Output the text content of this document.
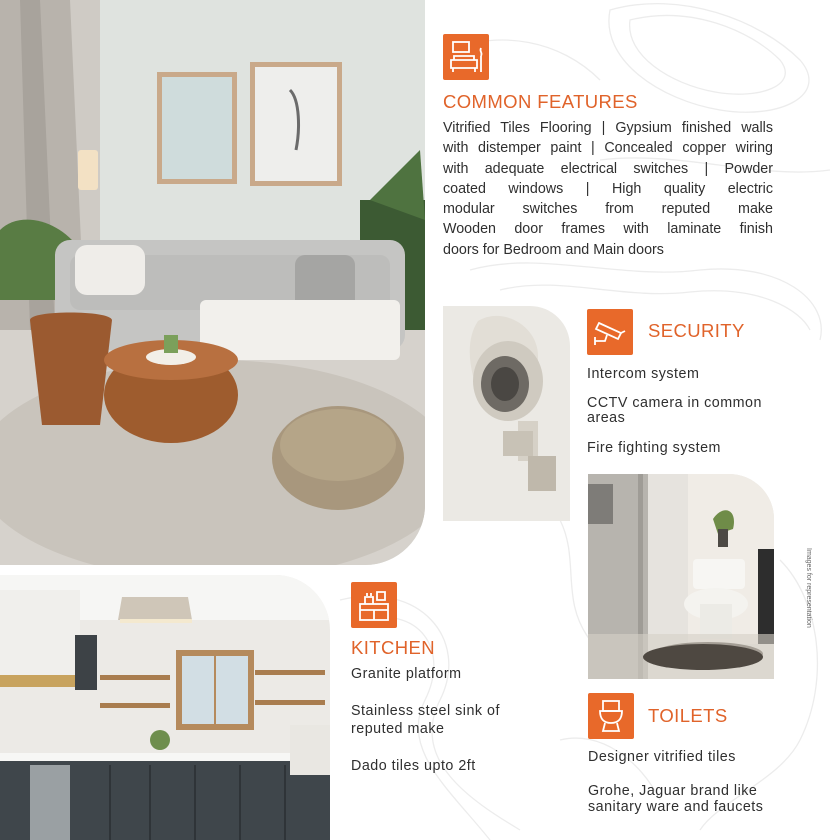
COMMON FEATURES
Vitrified Tiles Flooring | Gypsium finished walls
with distemper paint | Concealed copper wiring
with adequate electrical switches | Powder
coated windows | High quality electric
modular switches from reputed make
Wooden door frames with laminate finish
doors for Bedroom and Main doors
SECURITY
Intercom system
CCTV camera in common
areas
Fire fighting system
KITCHEN
Granite platform
Stainless steel sink of
reputed make
Dado tiles upto 2ft
TOILETS
Designer vitrified tiles
Grohe, Jaguar brand like
sanitary ware and faucets
Images for representation
